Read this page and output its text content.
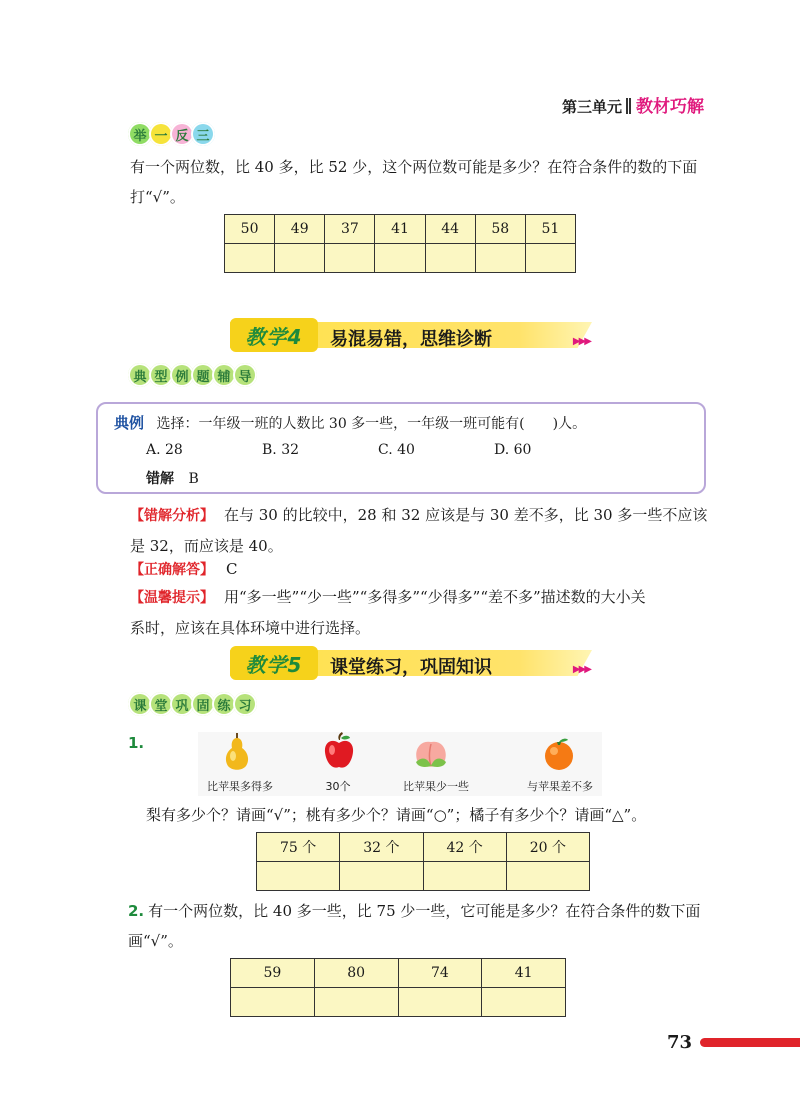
第三单元 教材巧解
举 一 反 三
有一个两位数，比 40 多，比 52 少，这个两位数可能是多少？在符合条件的数的下面
打“√”。
50	49	37	41	44	58	51

教学4	易混易错，思维诊断	▶▶▶
典 型 例 题 辅 导
典例 选择：一年级一班的人数比 30 多一些，一年级一班可能有(　　)人。
A. 28	B. 32	C. 40	D. 60
错解 B
【错解分析】 在与 30 的比较中，28 和 32 应该是与 30 差不多，比 30 多一些不应该
是 32，而应该是 40。
【正确解答】 C
【温馨提示】 用“多一些”“少一些”“多得多”“少得多”“差不多”描述数的大小关
系时，应该在具体环境中进行选择。
教学5	课堂练习，巩固知识	▶▶▶
课 堂 巩 固 练 习
1.
比苹果多得多	30个	比苹果少一些	与苹果差不多
梨有多少个？请画“√”；桃有多少个？请画“○”；橘子有多少个？请画“△”。
75 个	32 个	42 个	20 个

2. 有一个两位数，比 40 多一些，比 75 少一些，它可能是多少？在符合条件的数下面
画“√”。
59	80	74	41

73
